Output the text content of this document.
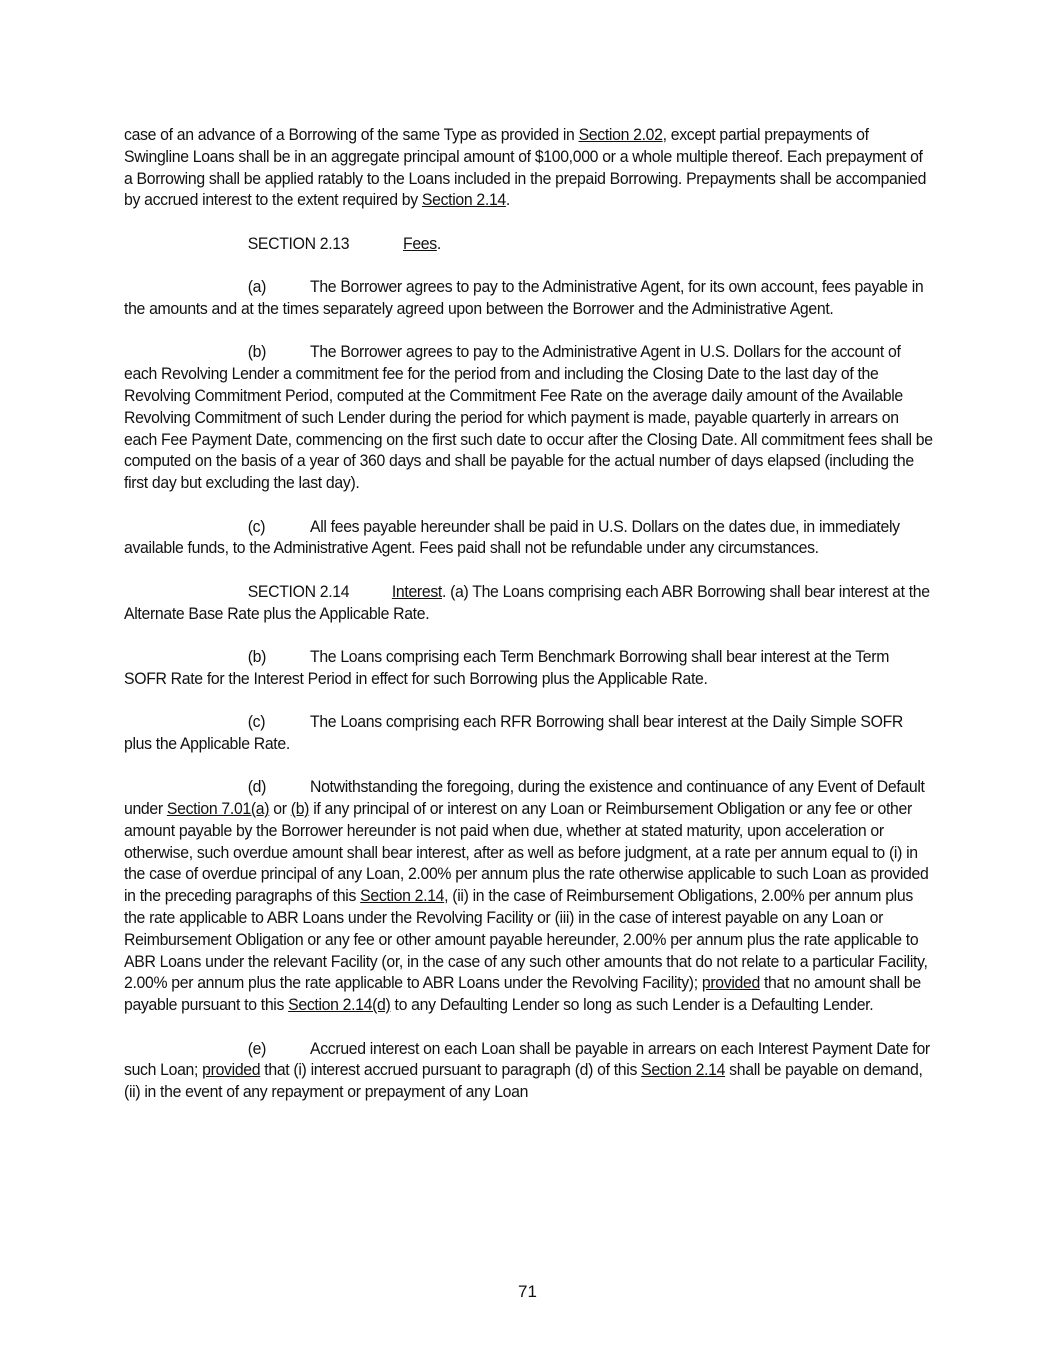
case of an advance of a Borrowing of the same Type as provided in Section 2.02, except partial prepayments of Swingline Loans shall be in an aggregate principal amount of $100,000 or a whole multiple thereof. Each prepayment of a Borrowing shall be applied ratably to the Loans included in the prepaid Borrowing. Prepayments shall be accompanied by accrued interest to the extent required by Section 2.14.

SECTION 2.13	Fees.

(a)	The Borrower agrees to pay to the Administrative Agent, for its own account, fees payable in the amounts and at the times separately agreed upon between the Borrower and the Administrative Agent.

(b)	The Borrower agrees to pay to the Administrative Agent in U.S. Dollars for the account of each Revolving Lender a commitment fee for the period from and including the Closing Date to the last day of the Revolving Commitment Period, computed at the Commitment Fee Rate on the average daily amount of the Available Revolving Commitment of such Lender during the period for which payment is made, payable quarterly in arrears on each Fee Payment Date, commencing on the first such date to occur after the Closing Date. All commitment fees shall be computed on the basis of a year of 360 days and shall be payable for the actual number of days elapsed (including the first day but excluding the last day).

(c)	All fees payable hereunder shall be paid in U.S. Dollars on the dates due, in immediately available funds, to the Administrative Agent. Fees paid shall not be refundable under any circumstances.

SECTION 2.14	Interest. (a) The Loans comprising each ABR Borrowing shall bear interest at the Alternate Base Rate plus the Applicable Rate.

(b)	The Loans comprising each Term Benchmark Borrowing shall bear interest at the Term SOFR Rate for the Interest Period in effect for such Borrowing plus the Applicable Rate.

(c)	The Loans comprising each RFR Borrowing shall bear interest at the Daily Simple SOFR plus the Applicable Rate.

(d)	Notwithstanding the foregoing, during the existence and continuance of any Event of Default under Section 7.01(a) or (b) if any principal of or interest on any Loan or Reimbursement Obligation or any fee or other amount payable by the Borrower hereunder is not paid when due, whether at stated maturity, upon acceleration or otherwise, such overdue amount shall bear interest, after as well as before judgment, at a rate per annum equal to (i) in the case of overdue principal of any Loan, 2.00% per annum plus the rate otherwise applicable to such Loan as provided in the preceding paragraphs of this Section 2.14, (ii) in the case of Reimbursement Obligations, 2.00% per annum plus the rate applicable to ABR Loans under the Revolving Facility or (iii) in the case of interest payable on any Loan or Reimbursement Obligation or any fee or other amount payable hereunder, 2.00% per annum plus the rate applicable to ABR Loans under the relevant Facility (or, in the case of any such other amounts that do not relate to a particular Facility, 2.00% per annum plus the rate applicable to ABR Loans under the Revolving Facility); provided that no amount shall be payable pursuant to this Section 2.14(d) to any Defaulting Lender so long as such Lender is a Defaulting Lender.

(e)	Accrued interest on each Loan shall be payable in arrears on each Interest Payment Date for such Loan; provided that (i) interest accrued pursuant to paragraph (d) of this Section 2.14 shall be payable on demand, (ii) in the event of any repayment or prepayment of any Loan

71
